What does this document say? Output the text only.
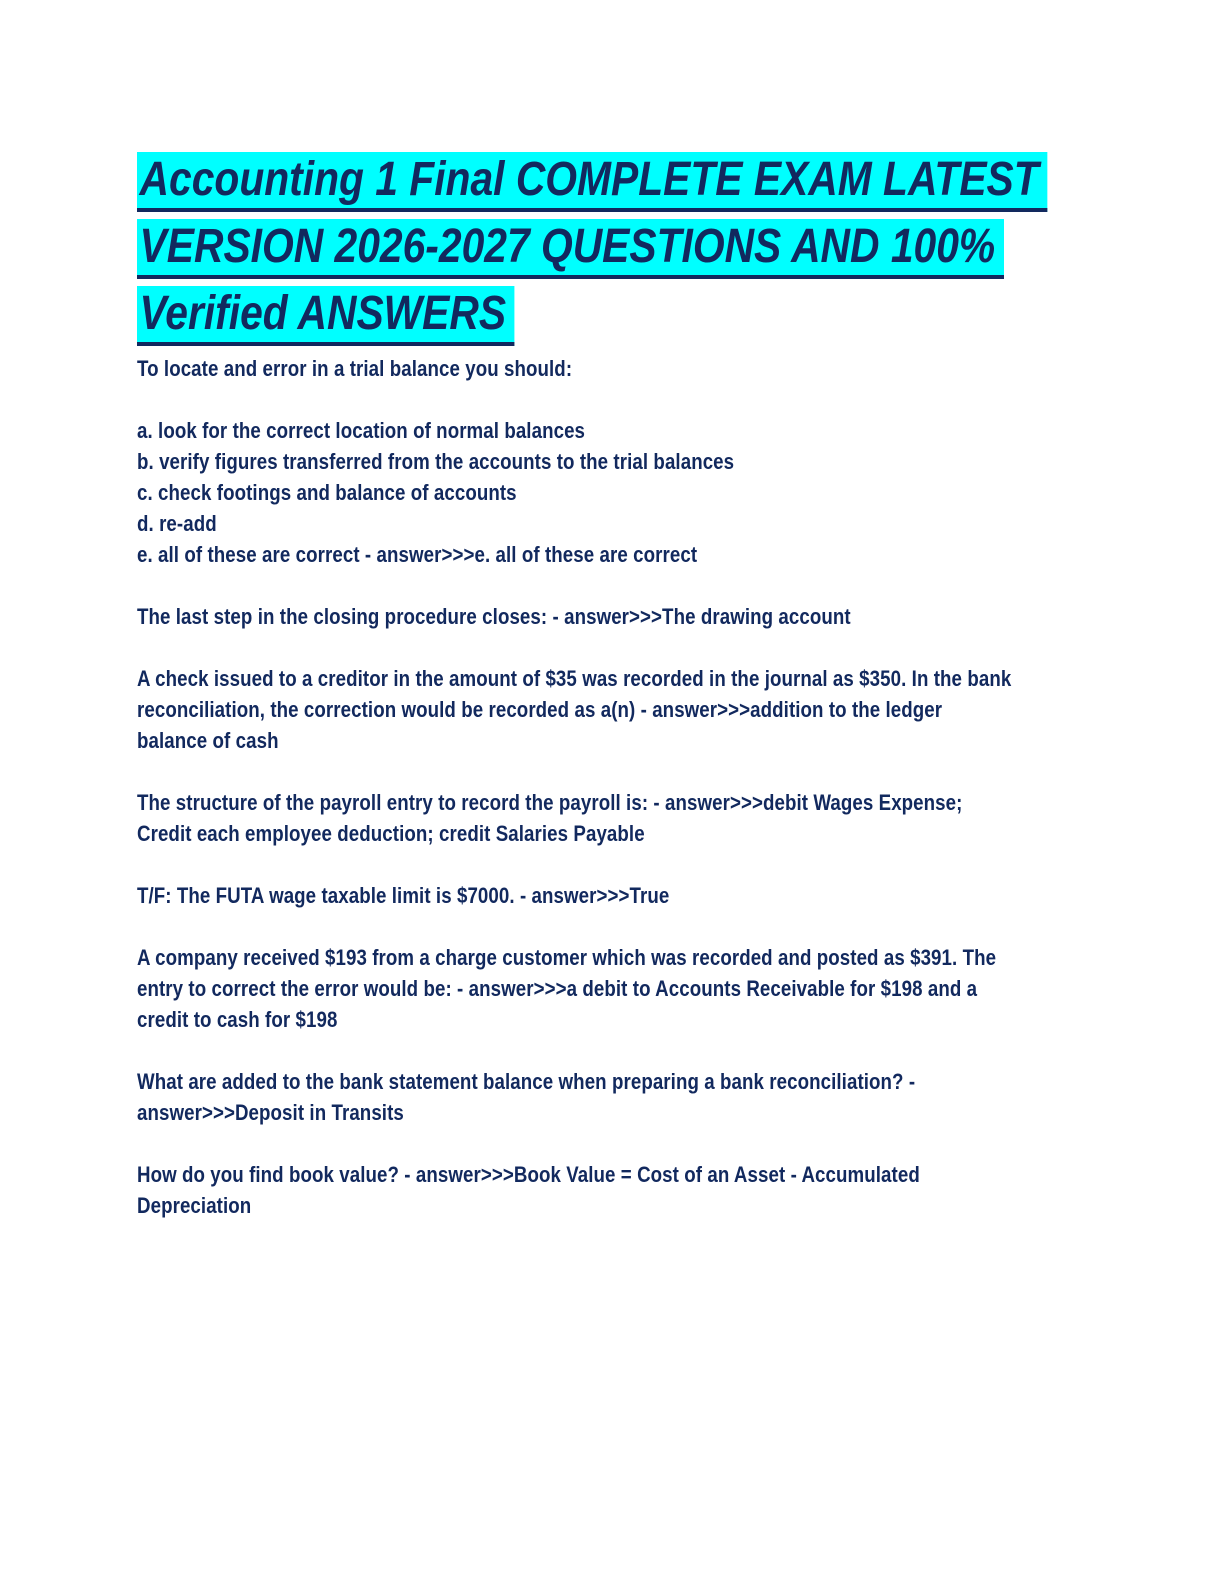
Accounting 1 Final COMPLETE EXAM LATEST
VERSION 2026-2027 QUESTIONS AND 100%
Verified ANSWERS

To locate and error in a trial balance you should:

a. look for the correct location of normal balances
b. verify figures transferred from the accounts to the trial balances
c. check footings and balance of accounts
d. re-add
e. all of these are correct - answer>>>e. all of these are correct

The last step in the closing procedure closes: - answer>>>The drawing account

A check issued to a creditor in the amount of $35 was recorded in the journal as $350. In the bank reconciliation, the correction would be recorded as a(n) - answer>>>addition to the ledger balance of cash

The structure of the payroll entry to record the payroll is: - answer>>>debit Wages Expense; Credit each employee deduction; credit Salaries Payable

T/F: The FUTA wage taxable limit is $7000. - answer>>>True

A company received $193 from a charge customer which was recorded and posted as $391. The entry to correct the error would be: - answer>>>a debit to Accounts Receivable for $198 and a credit to cash for $198

What are added to the bank statement balance when preparing a bank reconciliation? - answer>>>Deposit in Transits

How do you find book value? - answer>>>Book Value = Cost of an Asset - Accumulated Depreciation
